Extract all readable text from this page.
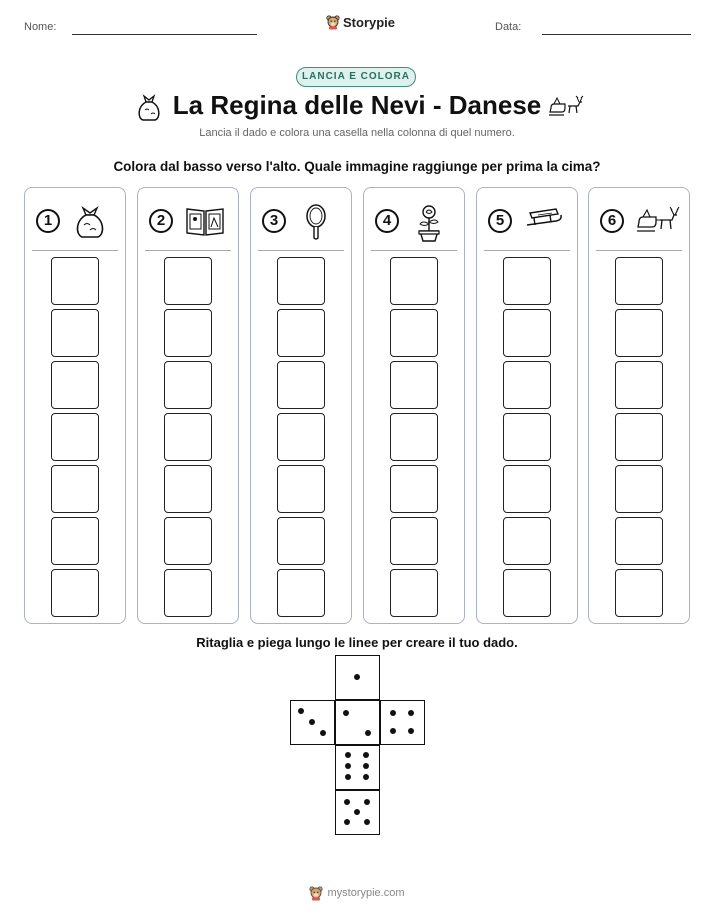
Nome:	Storypie	Data:
LANCIA E COLORA
La Regina delle Nevi - Danese
Lancia il dado e colora una casella nella colonna di quel numero.
Colora dal basso verso l'alto. Quale immagine raggiunge per prima la cima?
1	2	3	4	5	6
Ritaglia e piega lungo le linee per creare il tuo dado.
mystorypie.com
